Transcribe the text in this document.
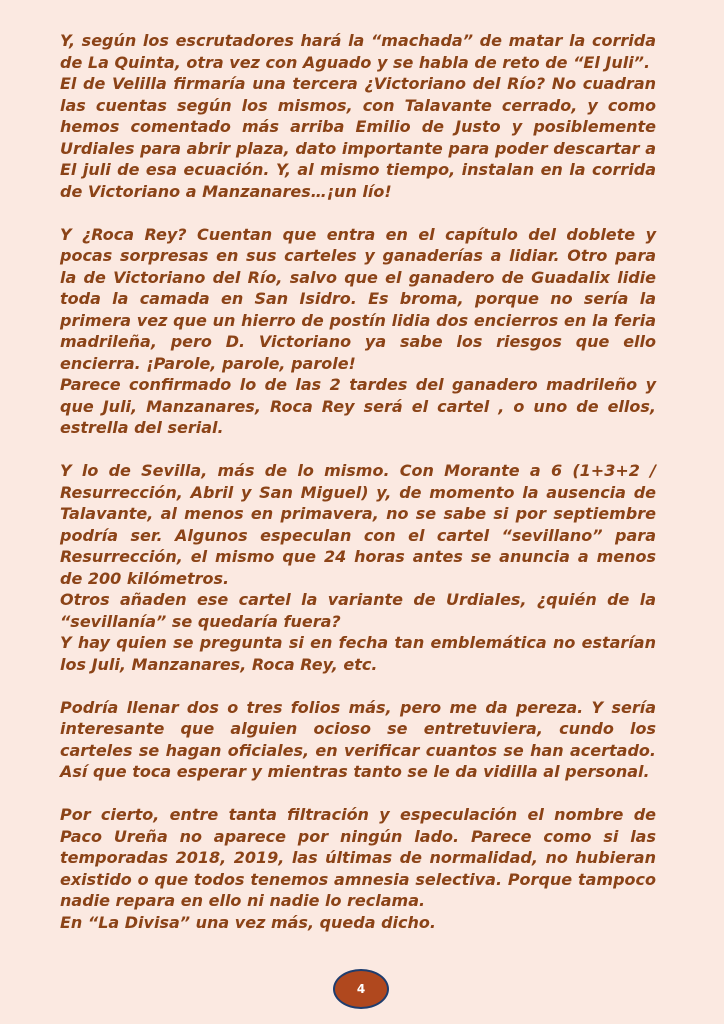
Y, según los escrutadores hará la “machada” de matar la corrida de La Quinta, otra vez con Aguado y se habla de reto de “El Juli”.

El de Velilla firmaría una tercera ¿Victoriano del Río? No cuadran las cuentas según los mismos, con Talavante cerrado, y como hemos comentado más arriba Emilio de Justo y posiblemente Urdiales para abrir plaza, dato importante para poder descartar a El juli de esa ecuación. Y, al mismo tiempo, instalan en la corrida de Victoriano a Manzanares…¡un lío!

Y ¿Roca Rey? Cuentan que entra en el capítulo del doblete y pocas sorpresas en sus carteles y ganaderías a lidiar. Otro para la de Victoriano del Río, salvo que el ganadero de Guadalix lidie toda la camada en San Isidro. Es broma, porque no sería la primera vez que un hierro de postín lidia dos encierros en la feria madrileña, pero D. Victoriano ya sabe los riesgos que ello encierra. ¡Parole, parole, parole!

Parece confirmado lo de las 2 tardes del ganadero madrileño y que Juli, Manzanares, Roca Rey será el cartel , o uno de ellos, estrella del serial.

Y lo de Sevilla, más de lo mismo. Con Morante a 6 (1+3+2 / Resurrección, Abril y San Miguel) y, de momento la ausencia de Talavante, al menos en primavera, no se sabe si por septiembre podría ser. Algunos especulan con el cartel “sevillano” para Resurrección, el mismo que 24 horas antes se anuncia a menos de 200 kilómetros.

Otros añaden ese cartel la variante de Urdiales, ¿quién de la “sevillanía” se quedaría fuera?

Y hay quien se pregunta si en fecha tan emblemática no estarían los Juli, Manzanares, Roca Rey, etc.

Podría llenar dos o tres folios más, pero me da pereza. Y sería interesante que alguien ocioso se entretuviera, cundo los carteles se hagan oficiales, en verificar cuantos se han acertado. Así que toca esperar y mientras tanto se le da vidilla al personal.

Por cierto, entre tanta filtración y especulación el nombre de Paco Ureña no aparece por ningún lado. Parece como si las temporadas 2018, 2019, las últimas de normalidad, no hubieran existido o que todos tenemos amnesia selectiva. Porque tampoco nadie repara en ello ni nadie lo reclama.

En “La Divisa” una vez más, queda dicho.

4
